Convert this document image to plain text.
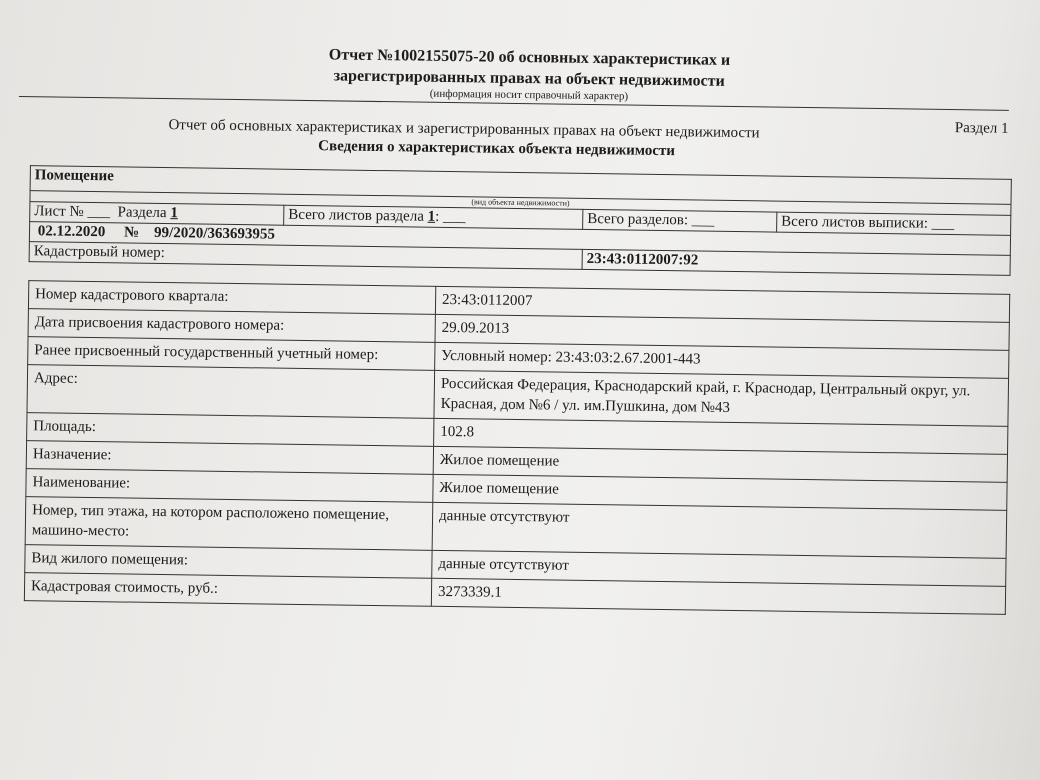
Отчет №1002155075-20 об основных характеристиках и
зарегистрированных правах на объект недвижимости
(информация носит справочный характер)
Раздел 1
Отчет об основных характеристиках и зарегистрированных правах на объект недвижимости
Сведения о характеристиках объекта недвижимости
Помещение			
(вид объекта недвижимости)			
Лист № ___ Раздела 1	Всего листов раздела 1: ___	Всего разделов: ___	Всего листов выписки: ___
02.12.2020 № 99/2020/363693955			
Кадастровый номер:		23:43:0112007:92	
Номер кадастрового квартала:	23:43:0112007
Дата присвоения кадастрового номера:	29.09.2013
Ранее присвоенный государственный учетный номер:	Условный номер: 23:43:03:2.67.2001-443
Адрес:	Российская Федерация, Краснодарский край, г. Краснодар, Центральный округ, ул. Красная, дом №6 / ул. им.Пушкина, дом №43
Площадь:	102.8
Назначение:	Жилое помещение
Наименование:	Жилое помещение
Номер, тип этажа, на котором расположено помещение, машино-место:	данные отсутствуют
Вид жилого помещения:	данные отсутствуют
Кадастровая стоимость, руб.:	3273339.1
